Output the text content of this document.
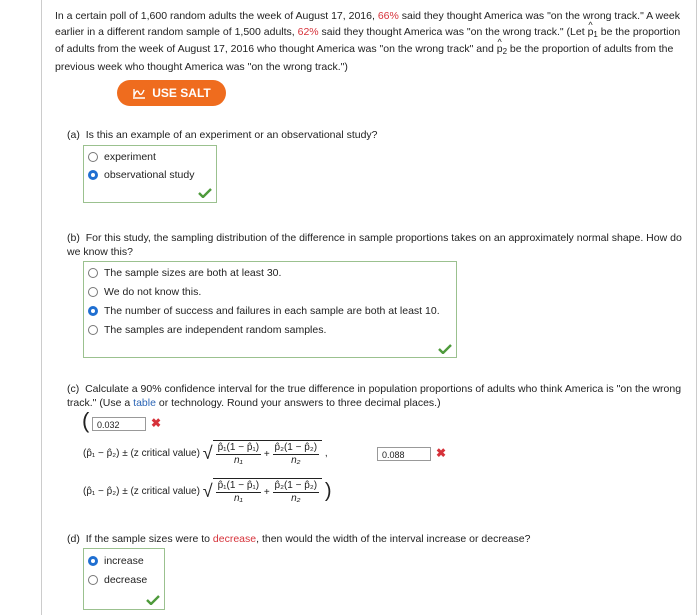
In a certain poll of 1,600 random adults the week of August 17, 2016, 66% said they thought America was "on the wrong track." A week earlier in a different random sample of 1,500 adults, 62% said they thought America was "on the wrong track." (Let ^ $p_1$ be the proportion of adults from the week of August 17, 2016 who thought America was "on the wrong track" and ^ $p_2$ be the proportion of adults from the previous week who thought America was "on the wrong track.")
USE SALT
(a) Is this an example of an experiment or an observational study?
experiment
observational study
(b) For this study, the sampling distribution of the difference in sample proportions takes on an approximately normal shape. How do we know this?
The sample sizes are both at least 30.
We do not know this.
The number of success and failures in each sample are both at least 10.
The samples are independent random samples.
(c) Calculate a 90% confidence interval for the true difference in population proportions of adults who think America is "on the wrong track." (Use a table or technology. Round your answers to three decimal places.)
( 0.032	✖
(p̂₁ − p̂₂) ± (z critical value) √ $\frac{\text{p̂₁(1 − p̂₁)}}{\text{n₁}} + \frac{\text{p̂₂(1 − p̂₂)}}{\text{n₂}}$ ,	0.088	✖
(p̂₁ − p̂₂) ± (z critical value) √ $\frac{\text{p̂₁(1 − p̂₁)}}{\text{n₁}} + \frac{\text{p̂₂(1 − p̂₂)}}{\text{n₂}}$ )
(d) If the sample sizes were to decrease, then would the width of the interval increase or decrease?
increase
decrease
